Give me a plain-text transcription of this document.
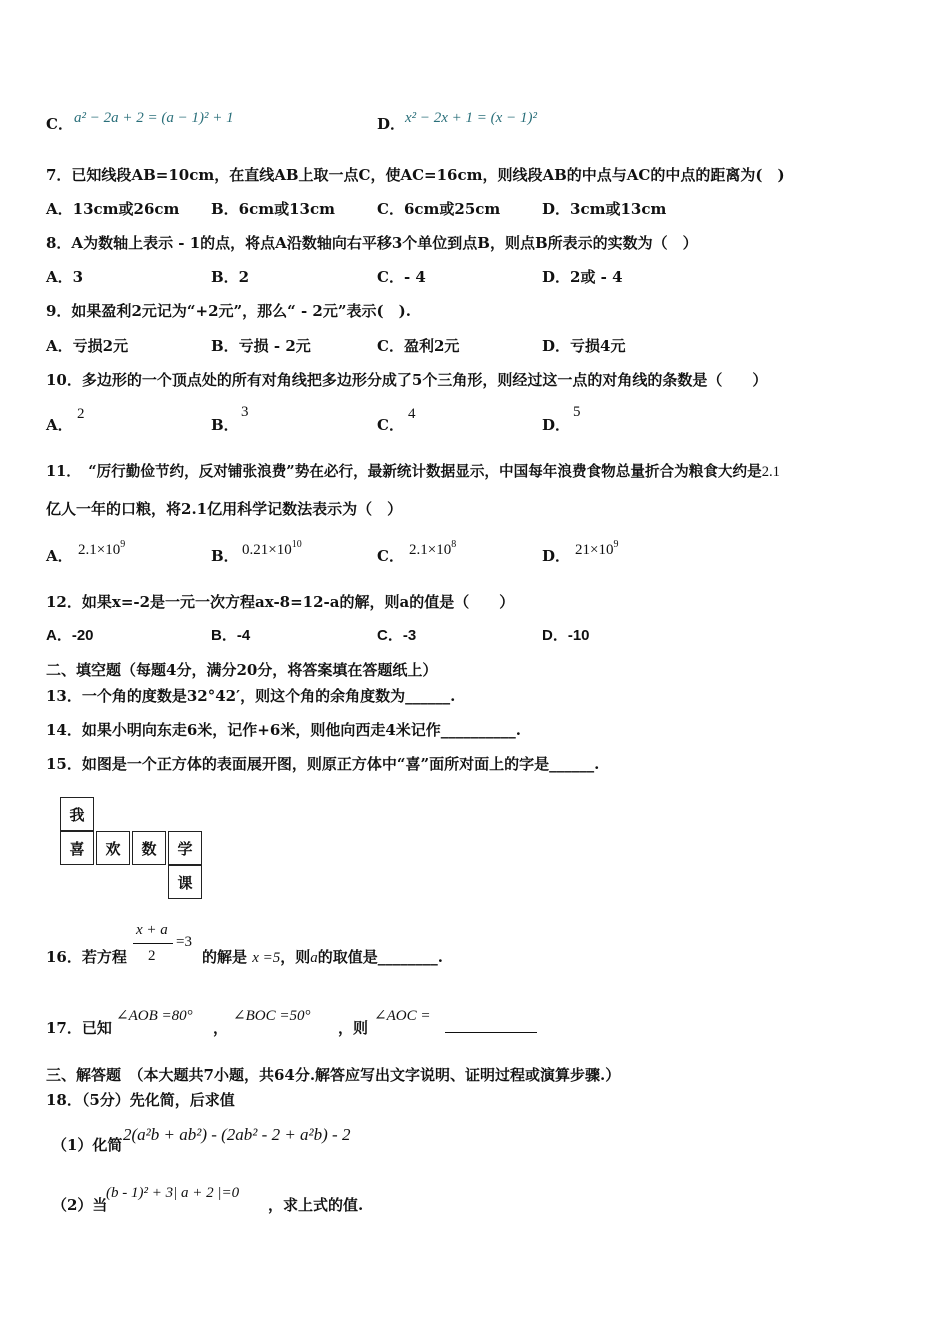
C． a² − 2a + 2 = (a − 1)² + 1	D． x² − 2x + 1 = (x − 1)²
7．已知线段AB=10cm，在直线AB上取一点C，使AC=16cm，则线段AB的中点与AC的中点的距离为(　)
A．13cm或26cm B．6cm或13cm	C．6cm或25cm	D．3cm或13cm
8．A为数轴上表示 - 1的点，将点A沿数轴向右平移3个单位到点B，则点B所表示的实数为（　）
A．3	B．2	C．- 4	D．2或 - 4
9．如果盈利2元记为“+2元”，那么“ - 2元”表示(　).
A．亏损2元	B．亏损 - 2元	C．盈利2元	D．亏损4元
10．多边形的一个顶点处的所有对角线把多边形分成了5个三角形，则经过这一点的对角线的条数是（　　）
A．
2
B．
3
C．
4
D．
5
11．　“厉行勤俭节约，反对铺张浪费”势在必行，最新统计数据显示，中国每年浪费食物总量折合为粮食大约是2.1
亿人一年的口粮，将2.1亿用科学记数法表示为（　）
A． $2.1\times 10^9$
B． $0.21\times 10^{10}$
C． $2.1\times 10^8$
D． $21\times 10^9$
12．如果x=-2是一元一次方程ax-8=12-a的解，则a的值是（　　）
A．-20	B．-4	C．-3	D．-10
二、填空题（每题4分，满分20分，将答案填在答题纸上）
13．一个角的度数是32°42′，则这个角的余角度数为______.
14．如果小明向东走6米，记作+6米，则他向西走4米记作__________.
15．如图是一个正方体的表面展开图，则原正方体中“喜”面所对面上的字是______.
我
喜	欢	数	学
课
16．若方程
x + a
2
=3
的解是 x =5，则a的取值是________.
17．已知
∠AOB =80°
，
∠BOC =50°
，则
∠AOC =
三、解答题　（本大题共7小题，共64分.解答应写出文字说明、证明过程或演算步骤.）
18．（5分）先化简，后求值
（1）化简
2(a²b + ab²) - (2ab² - 2 + a²b) - 2
（2）当
(b - 1)² + 3| a + 2 |=0
，求上式的值.
